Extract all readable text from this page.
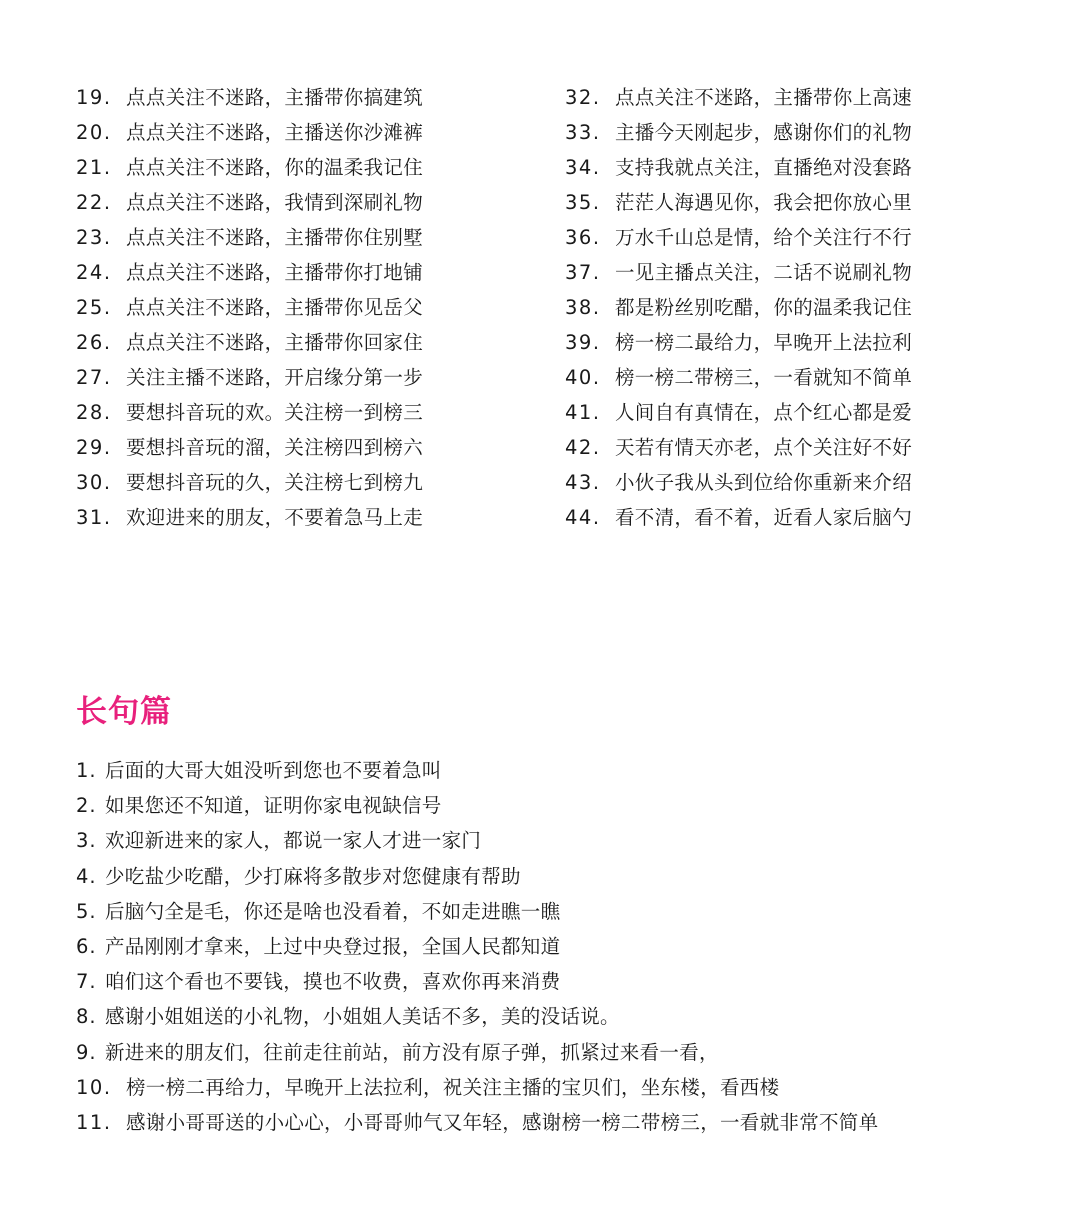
19. 点点关注不迷路，主播带你搞建筑
20. 点点关注不迷路，主播送你沙滩裤
21. 点点关注不迷路，你的温柔我记住
22. 点点关注不迷路，我情到深刷礼物
23. 点点关注不迷路，主播带你住别墅
24. 点点关注不迷路，主播带你打地铺
25. 点点关注不迷路，主播带你见岳父
26. 点点关注不迷路，主播带你回家住
27. 关注主播不迷路，开启缘分第一步
28. 要想抖音玩的欢。关注榜一到榜三
29. 要想抖音玩的溜，关注榜四到榜六
30. 要想抖音玩的久，关注榜七到榜九
31. 欢迎进来的朋友，不要着急马上走
32. 点点关注不迷路，主播带你上高速
33. 主播今天刚起步，感谢你们的礼物
34. 支持我就点关注，直播绝对没套路
35. 茫茫人海遇见你，我会把你放心里
36. 万水千山总是情，给个关注行不行
37. 一见主播点关注，二话不说刷礼物
38. 都是粉丝别吃醋，你的温柔我记住
39. 榜一榜二最给力，早晚开上法拉利
40. 榜一榜二带榜三，一看就知不简单
41. 人间自有真情在，点个红心都是爱
42. 天若有情天亦老，点个关注好不好
43. 小伙子我从头到位给你重新来介绍
44. 看不清，看不着，近看人家后脑勺
长句篇
1. 后面的大哥大姐没听到您也不要着急叫
2. 如果您还不知道，证明你家电视缺信号
3. 欢迎新进来的家人，都说一家人才进一家门
4. 少吃盐少吃醋，少打麻将多散步对您健康有帮助
5. 后脑勺全是毛，你还是啥也没看着，不如走进瞧一瞧
6. 产品刚刚才拿来，上过中央登过报，全国人民都知道
7. 咱们这个看也不要钱，摸也不收费，喜欢你再来消费
8. 感谢小姐姐送的小礼物，小姐姐人美话不多，美的没话说。
9. 新进来的朋友们，往前走往前站，前方没有原子弹，抓紧过来看一看，
10. 榜一榜二再给力，早晚开上法拉利，祝关注主播的宝贝们，坐东楼，看西楼
11. 感谢小哥哥送的小心心，小哥哥帅气又年轻，感谢榜一榜二带榜三，一看就非常不简单
